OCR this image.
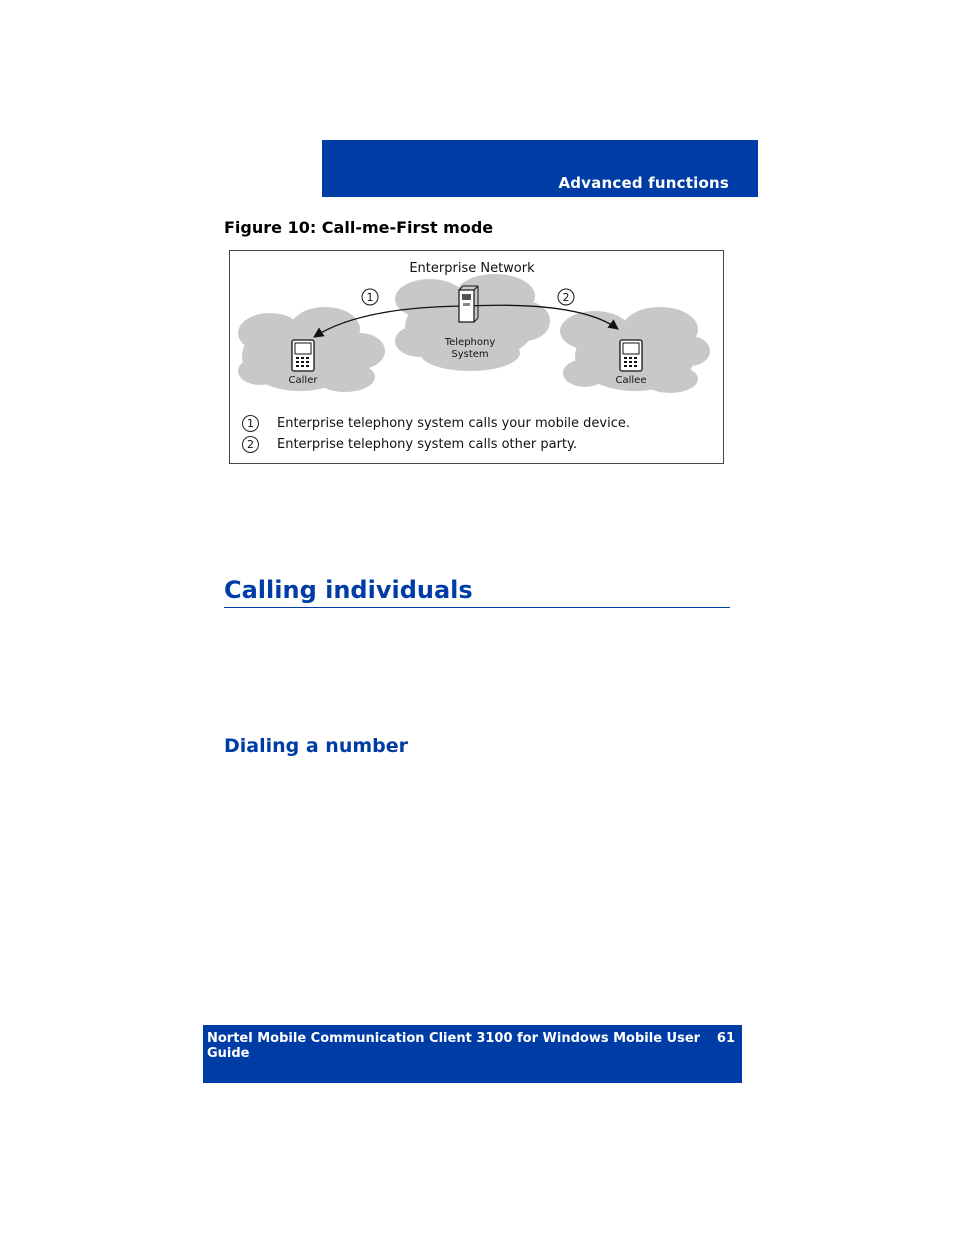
Advanced functions
Figure 10: Call-me-First mode
1	2
Enterprise Network
Telephony
System
Caller	Callee
1	Enterprise telephony system calls your mobile device.
2	Enterprise telephony system calls other party.
Calling individuals
Dialing a number
Nortel Mobile Communication Client 3100 for Windows Mobile User Guide
61
